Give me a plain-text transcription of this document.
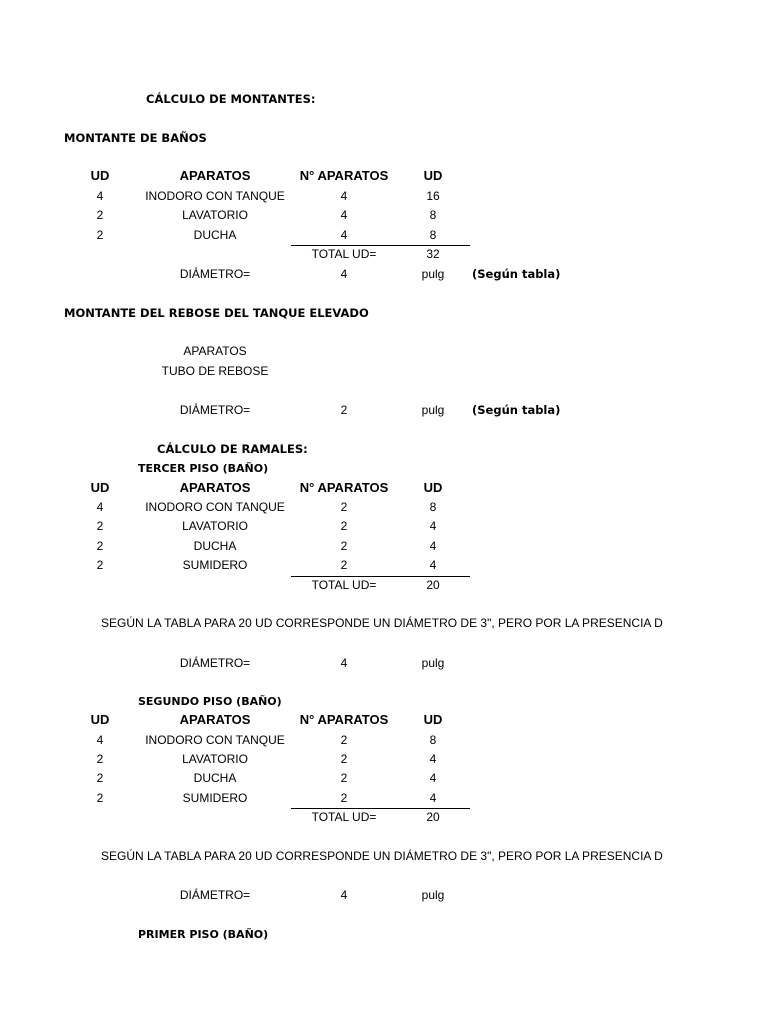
CÁLCULO DE MONTANTES:
MONTANTE DE BAÑOS
UD	APARATOS	N° APARATOS	UD
4	INODORO CON TANQUE	4	16
2	LAVATORIO	4	8
2	DUCHA	4	8
TOTAL UD=	32
DIÁMETRO=	4	pulg (Según tabla)
MONTANTE DEL REBOSE DEL TANQUE ELEVADO
APARATOS
TUBO DE REBOSE
DIÁMETRO=	2	pulg (Según tabla)
CÁLCULO DE RAMALES:
TERCER PISO (BAÑO)
UD	APARATOS	N° APARATOS	UD
4	INODORO CON TANQUE	2	8
2	LAVATORIO	2	4
2	DUCHA	2	4
2	SUMIDERO	2	4
TOTAL UD=	20
SEGÚN LA TABLA PARA 20 UD CORRESPONDE UN DIÁMETRO DE 3", PERO POR LA PRESENCIA D
DIÁMETRO=	4	pulg
SEGUNDO PISO (BAÑO)
UD	APARATOS	N° APARATOS	UD
4	INODORO CON TANQUE	2	8
2	LAVATORIO	2	4
2	DUCHA	2	4
2	SUMIDERO	2	4
TOTAL UD=	20
SEGÚN LA TABLA PARA 20 UD CORRESPONDE UN DIÁMETRO DE 3", PERO POR LA PRESENCIA D
DIÁMETRO=	4	pulg
PRIMER PISO (BAÑO)
